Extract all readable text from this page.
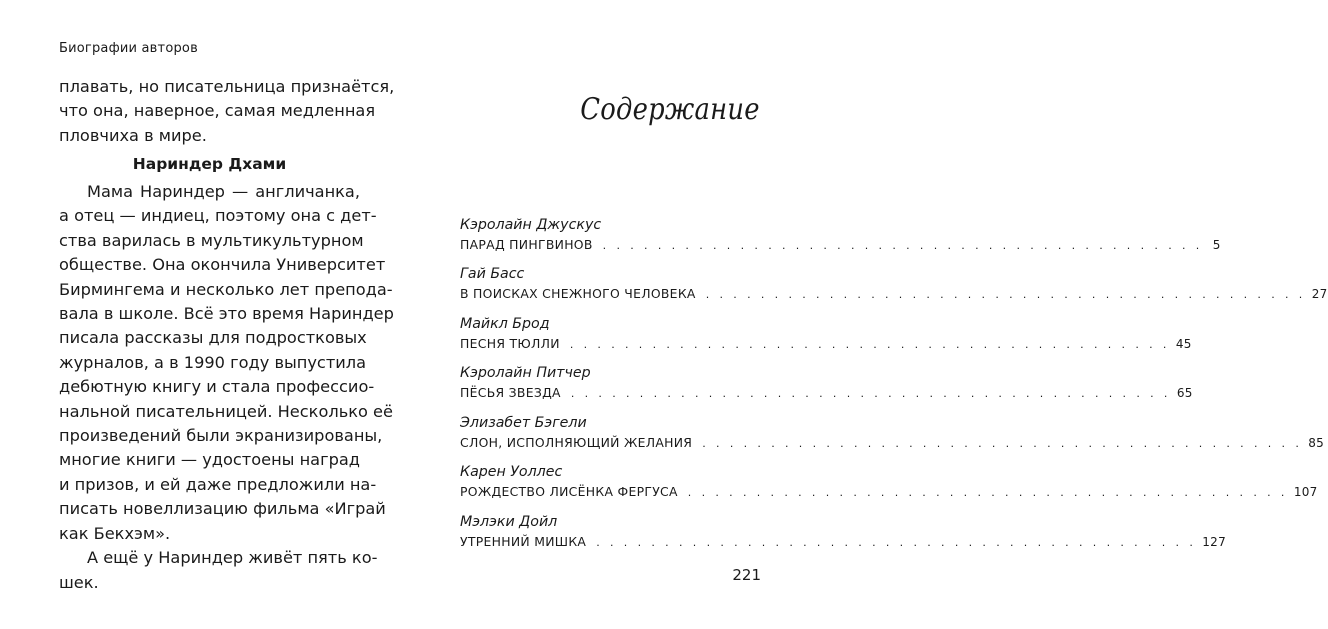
Биографии авторов

плавать, но писательница признаётся,

что она, наверное, самая медленная

пловчиха в мире.

Нариндер Дхами

Мама Нариндер — англичанка,

а отец — индиец, поэтому она с дет-

ства варилась в мультикультурном

обществе. Она окончила Университет

Бирмингема и несколько лет препода-

вала в школе. Всё это время Нариндер

писала рассказы для подростковых

журналов, а в 1990 году выпустила

дебютную книгу и стала профессио-

нальной писательницей. Несколько её

произведений были экранизированы,

многие книги — удостоены наград

и призов, и ей даже предложили на-

писать новеллизацию фильма «Играй

как Бекхэм».

А ещё у Нариндер живёт пять ко-

шек.

Содержание
221
Кэролайн Джускус
ПАРАД ПИНГВИНОВ . . . . . . . . . . . . . . . . . . . . . . . . . . . . . . . . . . . . . . . . . . . . 5
Гай Басс
В ПОИСКАХ СНЕЖНОГО ЧЕЛОВЕКА . . . . . . . . . . . . . . . . . . . . . . . . . . . . . . . . . . . . . . . . . . . . 27
Майкл Брод
ПЕСНЯ ТЮЛЛИ . . . . . . . . . . . . . . . . . . . . . . . . . . . . . . . . . . . . . . . . . . . . 45
Кэролайн Питчер
ПЁСЬЯ ЗВЕЗДА . . . . . . . . . . . . . . . . . . . . . . . . . . . . . . . . . . . . . . . . . . . . 65
Элизабет Бэгели
СЛОН, ИСПОЛНЯЮЩИЙ ЖЕЛАНИЯ . . . . . . . . . . . . . . . . . . . . . . . . . . . . . . . . . . . . . . . . . . . . 85
Карен Уоллес
РОЖДЕСТВО ЛИСЁНКА ФЕРГУСА . . . . . . . . . . . . . . . . . . . . . . . . . . . . . . . . . . . . . . . . . . . . 107
Мэлэки Дойл
УТРЕННИЙ МИШКА . . . . . . . . . . . . . . . . . . . . . . . . . . . . . . . . . . . . . . . . . . . . 127
